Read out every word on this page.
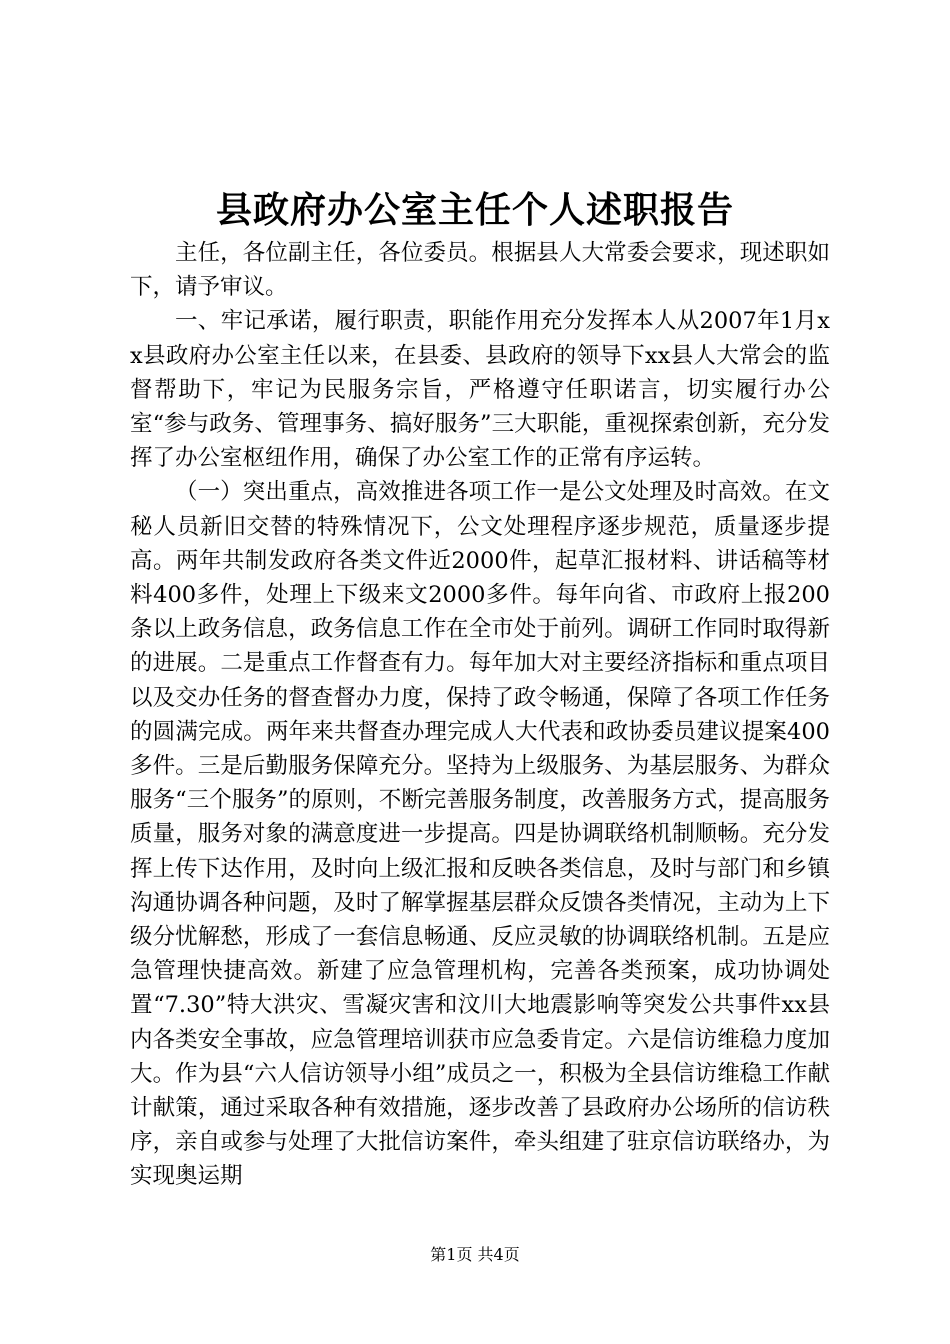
县政府办公室主任个人述职报告

主任，各位副主任，各位委员。根据县人大常委会要求，现述职如下，请予审议。

一、牢记承诺，履行职责，职能作用充分发挥本人从2007年1月xx县政府办公室主任以来，在县委、县政府的领导下xx县人大常会的监督帮助下，牢记为民服务宗旨，严格遵守任职诺言，切实履行办公室“参与政务、管理事务、搞好服务”三大职能，重视探索创新，充分发挥了办公室枢纽作用，确保了办公室工作的正常有序运转。

（一）突出重点，高效推进各项工作一是公文处理及时高效。在文秘人员新旧交替的特殊情况下，公文处理程序逐步规范，质量逐步提高。两年共制发政府各类文件近2000件，起草汇报材料、讲话稿等材料400多件，处理上下级来文2000多件。每年向省、市政府上报200条以上政务信息，政务信息工作在全市处于前列。调研工作同时取得新的进展。二是重点工作督查有力。每年加大对主要经济指标和重点项目以及交办任务的督查督办力度，保持了政令畅通，保障了各项工作任务的圆满完成。两年来共督查办理完成人大代表和政协委员建议提案400多件。三是后勤服务保障充分。坚持为上级服务、为基层服务、为群众服务“三个服务”的原则，不断完善服务制度，改善服务方式，提高服务质量，服务对象的满意度进一步提高。四是协调联络机制顺畅。充分发挥上传下达作用，及时向上级汇报和反映各类信息，及时与部门和乡镇沟通协调各种问题，及时了解掌握基层群众反馈各类情况，主动为上下级分忧解愁，形成了一套信息畅通、反应灵敏的协调联络机制。五是应急管理快捷高效。新建了应急管理机构，完善各类预案，成功协调处置“7.30”特大洪灾、雪凝灾害和汶川大地震影响等突发公共事件xx县内各类安全事故，应急管理培训获市应急委肯定。六是信访维稳力度加大。作为县“六人信访领导小组”成员之一，积极为全县信访维稳工作献计献策，通过采取各种有效措施，逐步改善了县政府办公场所的信访秩序，亲自或参与处理了大批信访案件，牵头组建了驻京信访联络办，为实现奥运期

第1页 共4页
